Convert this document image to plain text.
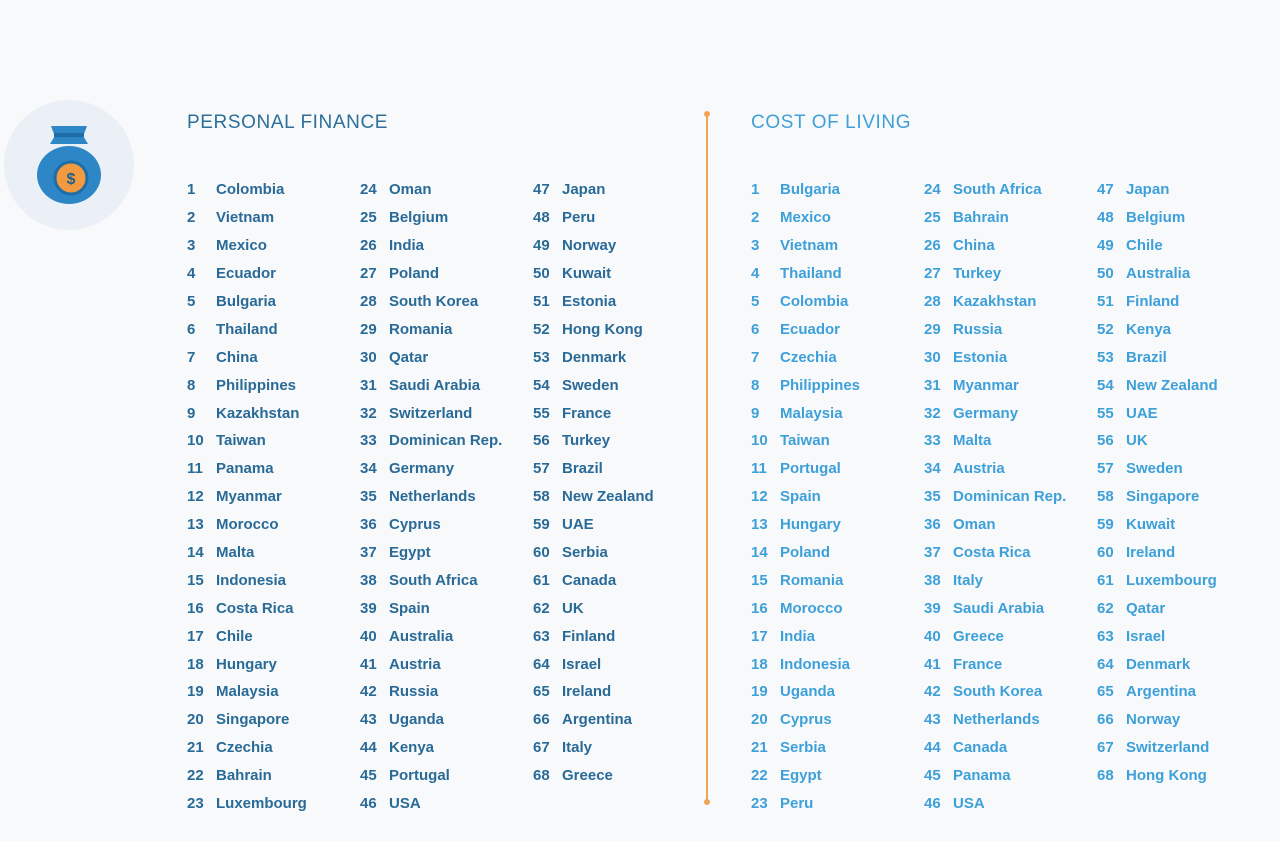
$
PERSONAL FINANCE	COST OF LIVING
1	Colombia
2	Vietnam
3	Mexico
4	Ecuador
5	Bulgaria
6	Thailand
7	China
8	Philippines
9	Kazakhstan
10 Taiwan
11 Panama
12 Myanmar
13 Morocco
14 Malta
15 Indonesia
16 Costa Rica
17 Chile
18 Hungary
19 Malaysia
20 Singapore
21 Czechia
22 Bahrain
23 Luxembourg
24 Oman
25 Belgium
26 India
27 Poland
28 South Korea
29 Romania
30 Qatar
31 Saudi Arabia
32 Switzerland
33 Dominican Rep.
34 Germany
35 Netherlands
36 Cyprus
37 Egypt
38 South Africa
39 Spain
40 Australia
41 Austria
42 Russia
43 Uganda
44 Kenya
45 Portugal
46 USA
47 Japan
48 Peru
49 Norway
50 Kuwait
51 Estonia
52 Hong Kong
53 Denmark
54 Sweden
55 France
56 Turkey
57 Brazil
58 New Zealand
59 UAE
60 Serbia
61 Canada
62 UK
63 Finland
64 Israel
65 Ireland
66 Argentina
67 Italy
68 Greece
1	Bulgaria
2	Mexico
3	Vietnam
4	Thailand
5	Colombia
6	Ecuador
7	Czechia
8	Philippines
9	Malaysia
10 Taiwan
11 Portugal
12 Spain
13 Hungary
14 Poland
15 Romania
16 Morocco
17 India
18 Indonesia
19 Uganda
20 Cyprus
21 Serbia
22 Egypt
23 Peru
24 South Africa
25 Bahrain
26 China
27 Turkey
28 Kazakhstan
29 Russia
30 Estonia
31 Myanmar
32 Germany
33 Malta
34 Austria
35 Dominican Rep.
36 Oman
37 Costa Rica
38 Italy
39 Saudi Arabia
40 Greece
41 France
42 South Korea
43 Netherlands
44 Canada
45 Panama
46 USA
47 Japan
48 Belgium
49 Chile
50 Australia
51 Finland
52 Kenya
53 Brazil
54 New Zealand
55 UAE
56 UK
57 Sweden
58 Singapore
59 Kuwait
60 Ireland
61 Luxembourg
62 Qatar
63 Israel
64 Denmark
65 Argentina
66 Norway
67 Switzerland
68 Hong Kong
